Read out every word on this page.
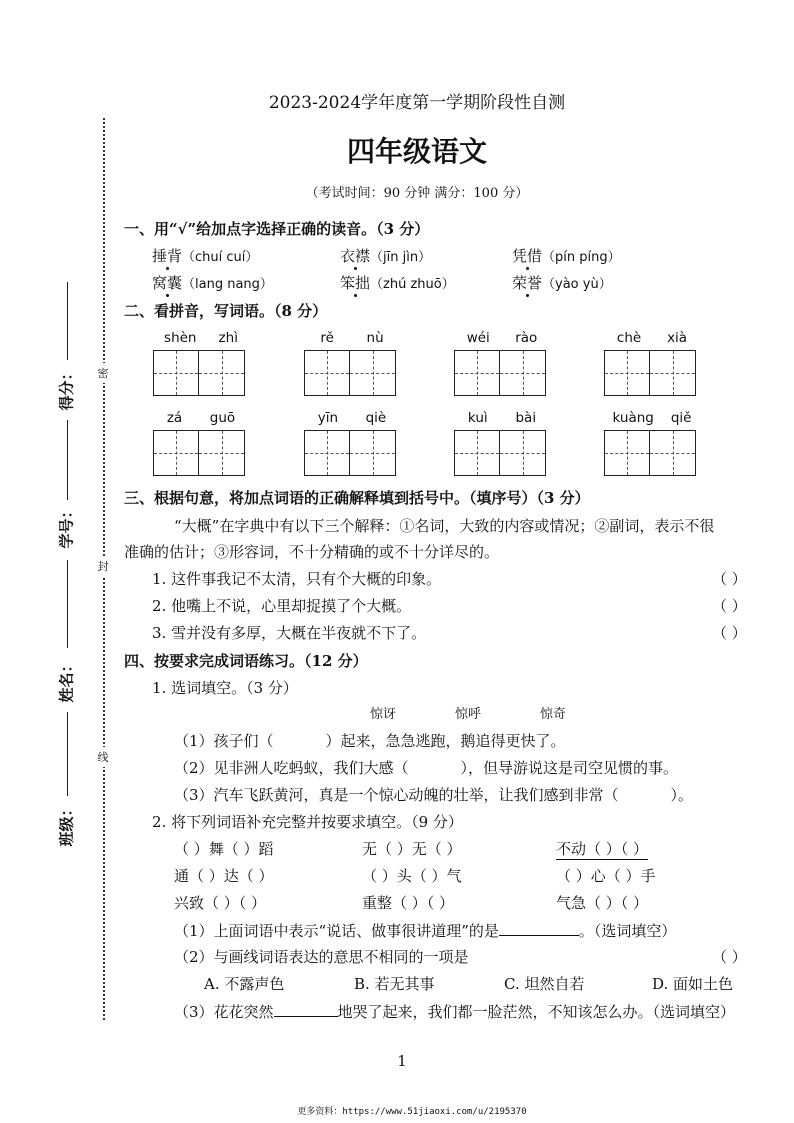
密
封
线
得分：
学号：
姓名：
班级：
2023-2024学年度第一学期阶段性自测
四年级语文
（考试时间：90 分钟 满分：100 分）
一、用“√”给加点字选择正确的读音。（3 分）
捶背（chuí cuí）	衣襟（jīn jìn）	凭借（pín píng）
窝囊（lang nang）	笨拙（zhú zhuō）	荣誉（yào yù）
二、看拼音，写词语。（8 分）
shèn zhì	rě nù	wéi rào	chè xià
zá guō	yīn qiè	kuì bài	kuàng qiě
三、根据句意，将加点词语的正确解释填到括号中。（填序号）（3 分）
“大概”在字典中有以下三个解释：①名词，大致的内容或情况；②副词，表示不很
准确的估计；③形容词，不十分精确的或不十分详尽的。
1. 这件事我记不太清，只有个大概的印象。	（ ）
2. 他嘴上不说，心里却捉摸了个大概。	（ ）
3. 雪并没有多厚，大概在半夜就不下了。	（ ）
四、按要求完成词语练习。（12 分）
1. 选词填空。（3 分）
惊讶	惊呼	惊奇
（1）孩子们（	）起来，急急逃跑，鹅追得更快了。
（2）见非洲人吃蚂蚁，我们大感（	），但导游说这是司空见惯的事。
（3）汽车飞跃黄河，真是一个惊心动魄的壮举，让我们感到非常（	）。
2. 将下列词语补充完整并按要求填空。（9 分）
（ ）舞（ ）蹈	无（ ）无（ ）	不动（ ）（ ）
通（ ）达（ ）	（ ）头（ ）气	（ ）心（ ）手
兴致（ ）（ ）	重整（ ）（ ）	气急（ ）（ ）
（1）上面词语中表示“说话、做事很讲道理”的是	。（选词填空）
（2）与画线词语表达的意思不相同的一项是	（ ）
A. 不露声色	B. 若无其事	C. 坦然自若	D. 面如土色
（3）花花突然	地哭了起来，我们都一脸茫然，不知该怎么办。（选词填空）
1
更多资料：https://www.51jiaoxi.com/u/2195370
